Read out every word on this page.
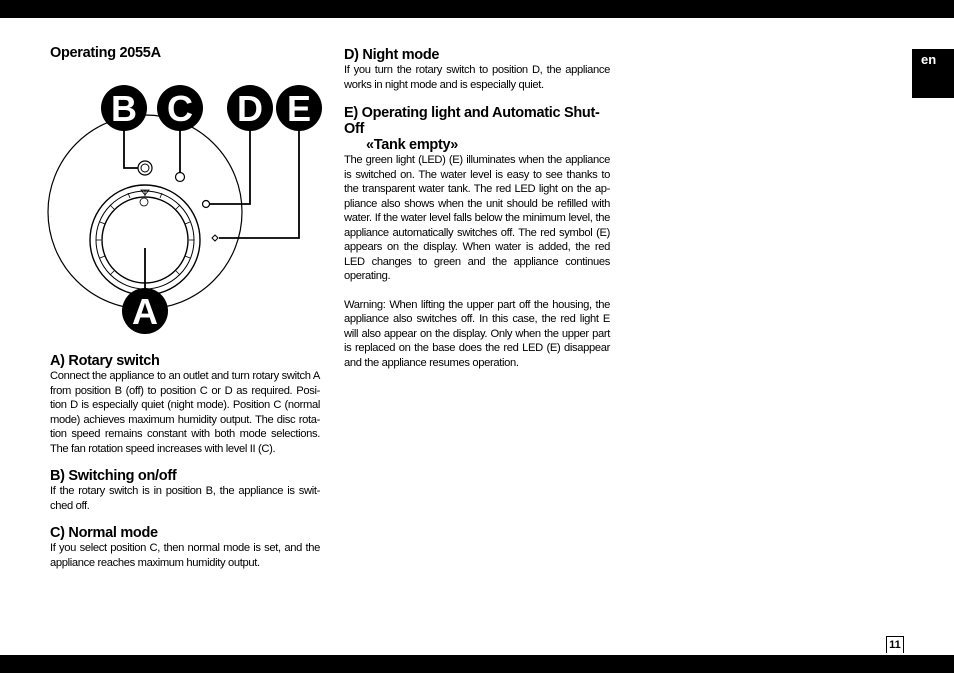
en
11
Operating 2055A
A) Rotary switch

Connect the appliance to an outlet and turn rotary switch A from position B (off) to position C or D as required. Posi-tion D is especially quiet (night mode). Position C (normal mode) achieves maximum humidity output. The disc rota-tion speed remains constant with both mode selections. The fan rotation speed increases with level II (C).

B) Switching on/off

If the rotary switch is in position B, the appliance is swit-ched off.

C) Normal mode

If you select position C, then normal mode is set, and the appliance reaches maximum humidity output.

B C D E
A
D) Night mode

If you turn the rotary switch to position D, the appliance works in night mode and is especially quiet.

E) Operating light and Automatic Shut-Off
«Tank empty»

The green light (LED) (E) illuminates when the appliance is switched on. The water level is easy to see thanks to the transparent water tank. The red LED light on the ap-pliance also shows when the unit should be refilled with water. If the water level falls below the minimum level, the appliance automatically switches off. The red symbol (E) appears on the display. When water is added, the red LED changes to green and the appliance continues operating.

Warning: When lifting the upper part off the housing, the appliance also switches off. In this case, the red light E will also appear on the display. Only when the upper part is replaced on the base does the red LED (E) disappear and the appliance resumes operation.
